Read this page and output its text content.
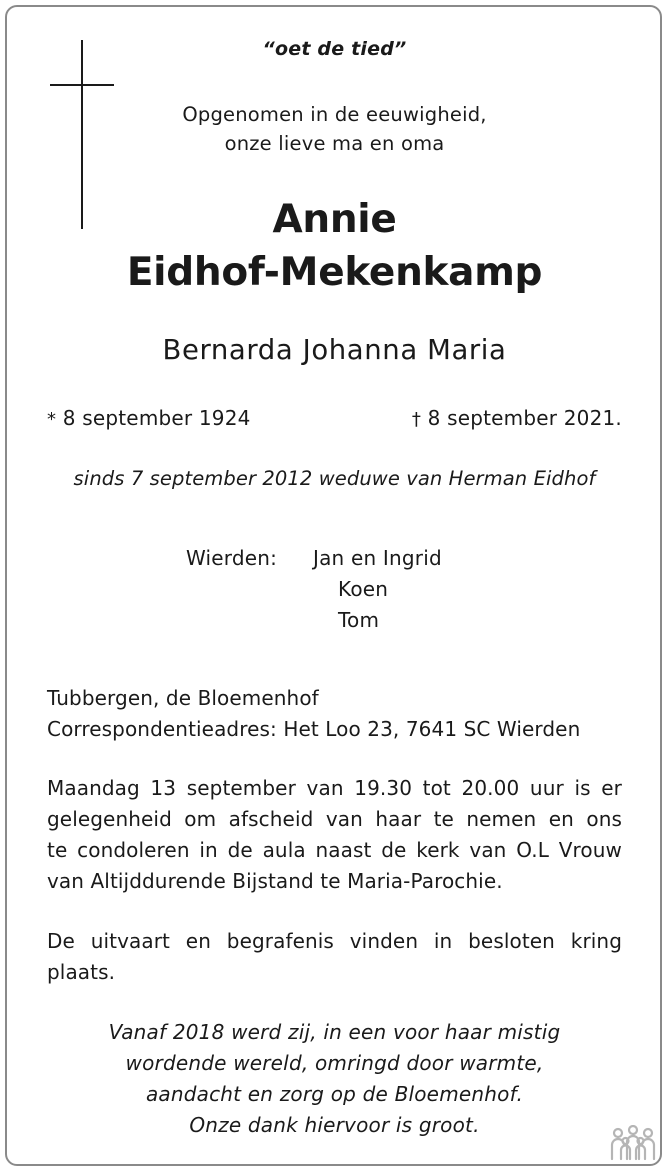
“oet de tied”
Opgenomen in de eeuwigheid,
onze lieve ma en oma
Annie
Eidhof-Mekenkamp
Bernarda Johanna Maria
* 8 september 1924	† 8 september 2021.
sinds 7 september 2012 weduwe van Herman Eidhof
Wierden: Jan en Ingrid
Koen
Tom
Tubbergen, de Bloemenhof
Correspondentieadres: Het Loo 23, 7641 SC Wierden
Maandag 13 september van 19.30 tot 20.00 uur is er
gelegenheid om afscheid van haar te nemen en ons
te condoleren in de aula naast de kerk van O.L Vrouw
van Altijddurende Bijstand te Maria-Parochie.
De uitvaart en begrafenis vinden in besloten kring
plaats.
Vanaf 2018 werd zij, in een voor haar mistig
wordende wereld, omringd door warmte,
aandacht en zorg op de Bloemenhof.
Onze dank hiervoor is groot.
